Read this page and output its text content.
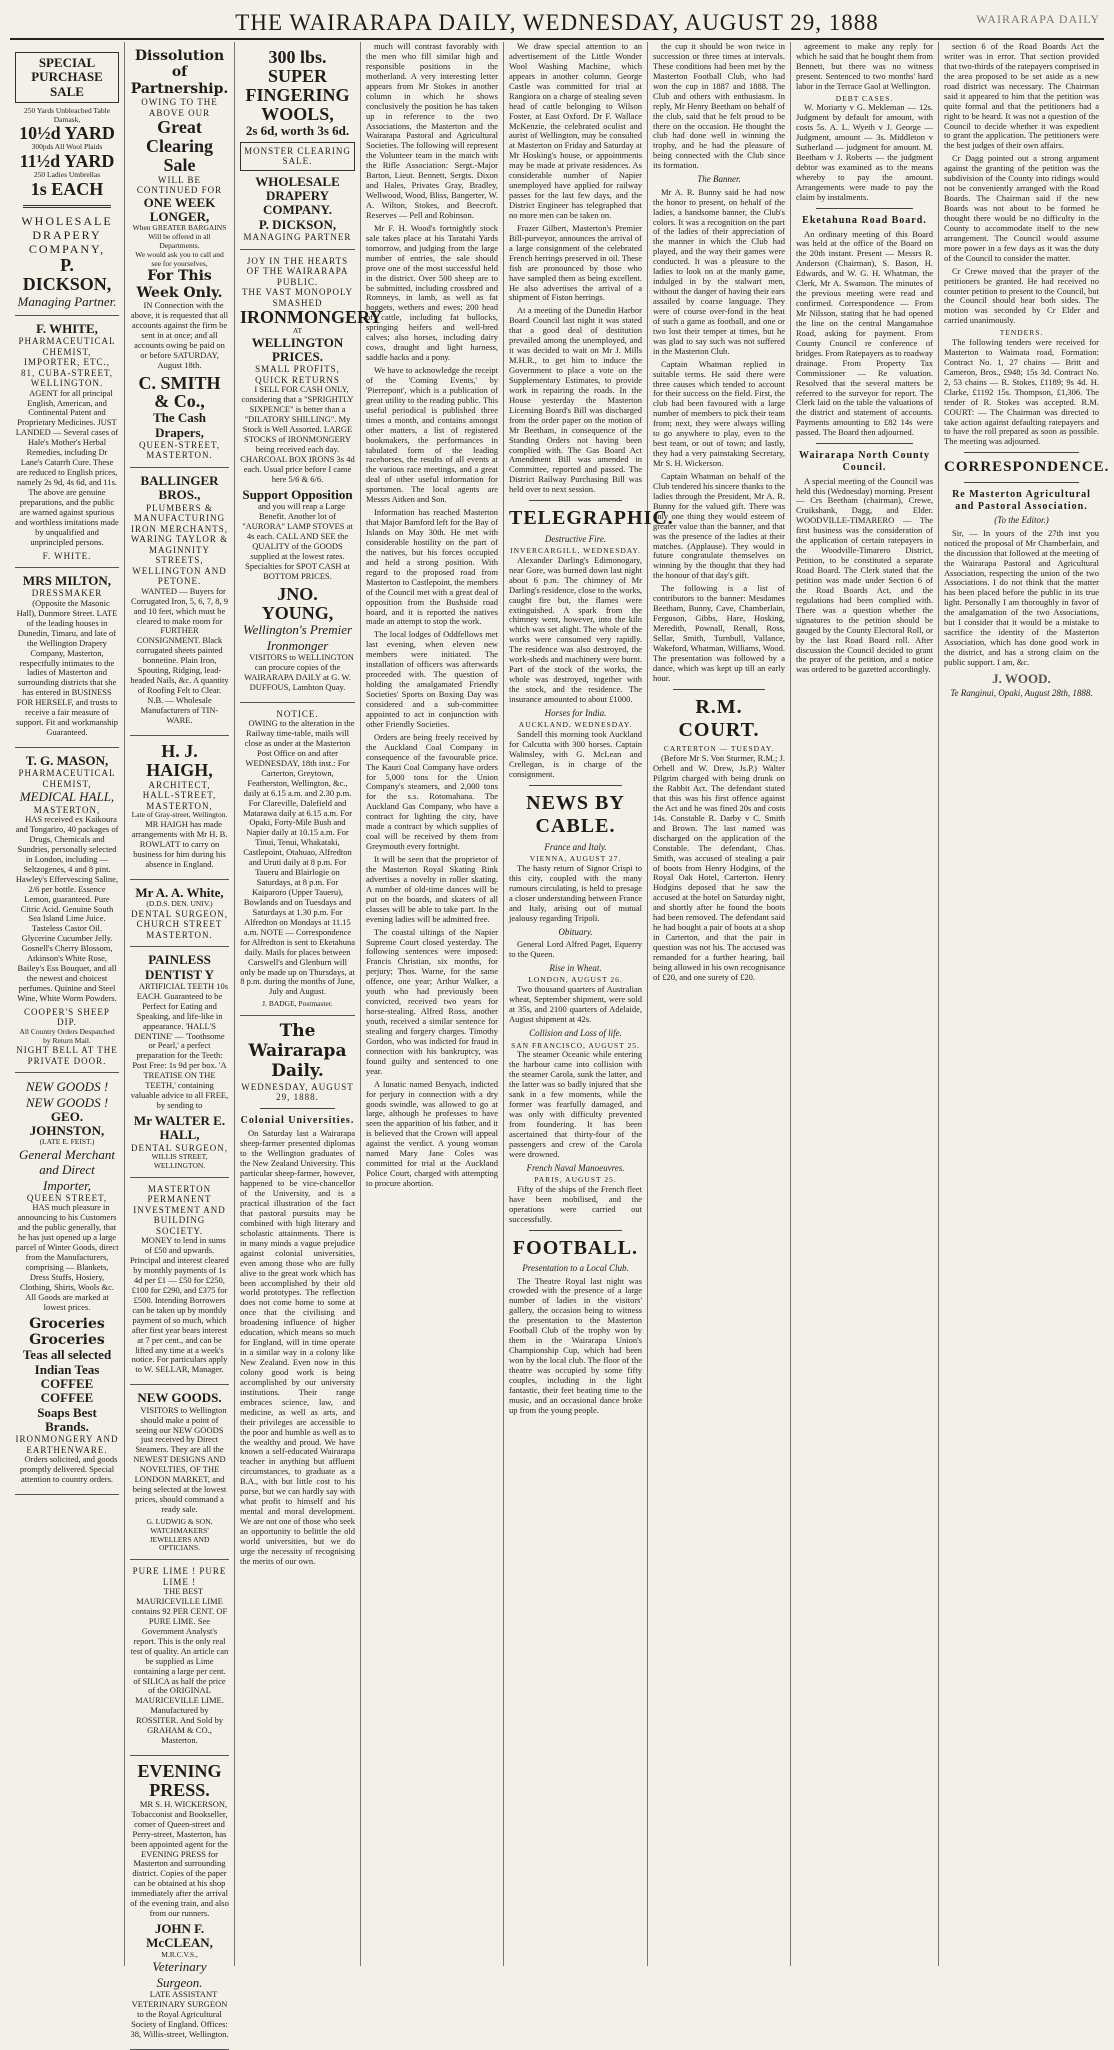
THE WAIRARAPA DAILY, WEDNESDAY, AUGUST 29, 1888	WAIRARAPA DAILY
SPECIAL PURCHASE SALE
250 Yards Unbleached Table Damask,
10½d YARD
300pds All Wool Plaids
11½d YARD
250 Ladies Umbrellas
1s EACH
WHOLESALE
DRAPERY
COMPANY,
P. DICKSON,
Managing Partner.
F. WHITE,
PHARMACEUTICAL CHEMIST, IMPORTER, ETC.,
81, CUBA-STREET, WELLINGTON.

AGENT for all principal English, American, and Continental Patent and Proprietary Medicines. JUST LANDED — Several cases of Hale's Mother's Herbal Remedies, including Dr Lane's Catarrh Cure. These are reduced to English prices, namely 2s 9d, 4s 6d, and 11s. The above are genuine preparations, and the public are warned against spurious and worthless imitations made by unqualified and unprincipled persons.

F. WHITE.
MRS MILTON,
DRESSMAKER

(Opposite the Masonic Hall), Dunmore Street. LATE of the leading houses in Dunedin, Timaru, and late of the Wellington Drapery Company, Masterton, respectfully intimates to the ladies of Masterton and surrounding districts that she has entered in BUSINESS FOR HERSELF, and trusts to receive a fair measure of support. Fit and workmanship Guaranteed.

T. G. MASON,
PHARMACEUTICAL CHEMIST,
MEDICAL HALL,
MASTERTON,

HAS received ex Kaikoura and Tongariro, 40 packages of Drugs, Chemicals and Sundries, personally selected in London, including — Seltzogenes, 4 and 8 pint. Hawley's Effervescing Saline, 2/6 per bottle. Essence Lemon, guaranteed. Pure Citric Acid. Genuine South Sea Island Lime Juice. Tasteless Castor Oil. Glycerine Cucumber Jelly. Gosnell's Cherry Blossom, Atkinson's White Rose, Bailey's Ess Bouquet, and all the newest and choicest perfumes. Quinine and Steel Wine, White Worm Powders.

COOPER'S SHEEP DIP.
All Country Orders Despatched by Return Mail.
NIGHT BELL AT THE PRIVATE DOOR.
NEW GOODS ! NEW GOODS !
GEO. JOHNSTON,
(LATE E. FEIST.)
General Merchant and Direct Importer,
QUEEN STREET,

HAS much pleasure in announcing to his Customers and the public generally, that he has just opened up a large parcel of Winter Goods, direct from the Manufacturers, comprising — Blankets, Dress Stuffs, Hosiery, Clothing, Shirts, Wools &c. All Goods are marked at lowest prices.

Groceries Groceries
Teas all selected Indian Teas
COFFEE COFFEE
Soaps Best Brands.
IRONMONGERY AND EARTHENWARE.

Orders solicited, and goods promptly delivered. Special attention to country orders.

Dissolution of Partnership.
OWING TO THE ABOVE OUR
Great Clearing Sale
WILL BE CONTINUED FOR
ONE WEEK LONGER,
When GREATER BARGAINS Will be offered in all Departments.
We would ask you to call and see for yourselves,
For This Week Only.

IN Connection with the above, it is requested that all accounts against the firm be sent in at once; and all accounts owing be paid on or before SATURDAY, August 18th.

C. SMITH & Co.,
The Cash Drapers,
QUEEN-STREET, MASTERTON.
BALLINGER BROS.,
PLUMBERS & MANUFACTURING IRON MERCHANTS,
WARING TAYLOR & MAGINNITY STREETS, WELLINGTON AND PETONE.

WANTED — Buyers for Corrugated Iron, 5, 6, 7, 8, 9 and 10 feet, which must be cleared to make room for FURTHER CONSIGNMENT. Black corrugated sheets painted bonnetine. Plain Iron, Spouting, Ridging, lead-headed Nails, &c. A quantity of Roofing Felt to Clear. N.B. — Wholesale Manufacturers of TIN-WARE.

H. J. HAIGH,
ARCHITECT,
HALL-STREET, MASTERTON,
Late of Gray-street, Wellington.

MR HAIGH has made arrangements with Mr H. B. ROWLATT to carry on business for him during his absence in England.

Mr A. A. White,
(D.D.S. DEN. UNIV.)
DENTAL SURGEON,
CHURCH STREET MASTERTON.
PAINLESS DENTIST Y

ARTIFICIAL TEETH 10s EACH. Guaranteed to be Perfect for Eating and Speaking, and life-like in appearance. 'HALL'S DENTINE' — 'Toothsome or Pearl,' a perfect preparation for the Teeth: Post Free: 1s 9d per box. 'A TREATISE ON THE TEETH,' containing valuable advice to all FREE, by sending to

Mr WALTER E. HALL,
DENTAL SURGEON,
WILLIS STREET, WELLINGTON.
MASTERTON PERMANENT INVESTMENT AND BUILDING SOCIETY.

MONEY to lend in sums of £50 and upwards. Principal and interest cleared by monthly payments of 1s 4d per £1 — £50 for £250, £100 for £290, and £375 for £500. Intending Borrowers can be taken up by monthly payment of so much, which after first year bears interest at 7 per cent., and can be lifted any time at a week's notice. For particulars apply to W. SELLAR, Manager.

NEW GOODS.

VISITORS to Wellington should make a point of seeing our NEW GOODS just received by Direct Steamers. They are all the NEWEST DESIGNS AND NOVELTIES, OF THE LONDON MARKET, and being selected at the lowest prices, should command a ready sale.

G. LUDWIG & SON, WATCHMAKERS' JEWELLERS AND OPTICIANS.
PURE LIME ! PURE LIME !

THE BEST MAURICEVILLE LIME contains 92 PER CENT. OF PURE LIME. See Government Analyst's report. This is the only real test of quality. An article can be supplied as Lime containing a large per cent. of SILICA as half the price of the ORIGINAL MAURICEVILLE LIME. Manufactured by ROSSITER. And Sold by GRAHAM & CO., Masterton.

EVENING PRESS.

MR S. H. WICKERSON, Tobacconist and Bookseller, corner of Queen-street and Perry-street, Masterton, has been appointed agent for the EVENING PRESS for Masterton and surrounding district. Copies of the paper can be obtained at his shop immediately after the arrival of the evening train, and also from our runners.

JOHN F. McCLEAN,
M.R.C.V.S.,
Veterinary Surgeon.

LATE ASSISTANT VETERINARY SURGEON to the Royal Agricultural Society of England. Offices: 38, Willis-street, Wellington.

300 lbs.
SUPER FINGERING WOOLS,
2s 6d, worth 3s 6d.
MONSTER CLEARING SALE.
WHOLESALE
DRAPERY COMPANY.
P. DICKSON,
MANAGING PARTNER
JOY IN THE HEARTS OF THE WAIRARAPA PUBLIC.
THE VAST MONOPOLY SMASHED
IRONMONGERY
AT
WELLINGTON PRICES.
SMALL PROFITS, QUICK RETURNS

I SELL FOR CASH ONLY, considering that a "SPRIGHTLY SIXPENCE" is better than a "DILATORY SHILLING". My Stock is Well Assorted. LARGE STOCKS of IRONMONGERY being received each day. CHARCOAL BOX IRONS 3s 4d each. Usual price before I came here 5/6 & 6/6.

Support Opposition

and you will reap a Large Benefit. Another lot of "AURORA" LAMP STOVES at 4s each. CALL AND SEE the QUALITY of the GOODS supplied at the lowest rates. Specialties for SPOT CASH at BOTTOM PRICES.

JNO. YOUNG,
Wellington's Premier Ironmonger

VISITORS to WELLINGTON can procure copies of the WAIRARAPA DAILY at G. W. DUFFOUS, Lambton Quay.

NOTICE.

OWING to the alteration in the Railway time-table, mails will close as under at the Masterton Post Office on and after WEDNESDAY, 18th inst.: For Carterton, Greytown, Featherston, Wellington, &c., daily at 6.15 a.m. and 2.30 p.m. For Clareville, Dalefield and Matarawa daily at 6.15 a.m. For Opaki, Forty-Mile Bush and Napier daily at 10.15 a.m. For Tinui, Tenui, Whakataki, Castlepoint, Otahuao, Alfredton and Uruti daily at 8 p.m. For Taueru and Blairlogie on Saturdays, at 8 p.m. For Kaiparoro (Upper Taueru), Bowlands and on Tuesdays and Saturdays at 1.30 p.m. For Alfredton on Mondays at 11.15 a.m. NOTE — Correspondence for Alfredton is sent to Eketahuna daily. Mails for places between Carswell's and Glenburn will only be made up on Thursdays, at 8 p.m. during the months of June, July and August.

J. BADGE, Postmaster.
The Wairarapa Daily.
WEDNESDAY, AUGUST 29, 1888.
Colonial Universities.

On Saturday last a Wairarapa sheep-farmer presented diplomas to the Wellington graduates of the New Zealand University. This particular sheep-farmer, however, happened to be vice-chancellor of the University, and is a practical illustration of the fact that pastoral pursuits may be combined with high literary and scholastic attainments. There is in many minds a vague prejudice against colonial universities, even among those who are fully alive to the great work which has been accomplished by their old world prototypes. The reflection does not come home to some at once that the civilising and broadening influence of higher education, which means so much for England, will in time operate in a similar way in a colony like New Zealand. Even now in this colony good work is being accomplished by our university institutions. Their range embraces science, law, and medicine, as well as arts, and their privileges are accessible to the poor and humble as well as to the wealthy and proud. We have known a self-educated Wairarapa teacher in anything but affluent circumstances, to graduate as a B.A., with but little cost to his purse, but we can hardly say with what profit to himself and his mental and moral development. We are not one of those who seek an opportunity to belittle the old world universities, but we do urge the necessity of recognising the merits of our own.

much will contrast favorably with the men who fill similar high and responsible positions in the motherland. A very interesting letter appears from Mr Stokes in another column in which he shows conclusively the position he has taken up in reference to the two Associations, the Masterton and the Wairarapa Pastoral and Agricultural Societies. The following will represent the Volunteer team in the match with the Rifle Association: Sergt.-Major Barton, Lieut. Bennett, Sergts. Dixon and Hales, Privates Gray, Bradley, Wellwood, Wood, Bliss, Bangerter, W. A. Wilton, Stokes, and Beecroft. Reserves — Pell and Robinson.

Mr F. H. Wood's fortnightly stock sale takes place at his Taratahi Yards tomorrow, and judging from the large number of entries, the sale should prove one of the most successful held in the district. Over 500 sheep are to be submitted, including crossbred and Romneys, in lamb, as well as fat hoggets, wethers and ewes; 200 head of cattle, including fat bullocks, springing heifers and well-bred calves; also horses, including dairy cows, draught and light harness, saddle hacks and a pony.

We have to acknowledge the receipt of the 'Coming Events,' by 'Pierrepont', which is a publication of great utility to the reading public. This useful periodical is published three times a month, and contains amongst other matters, a list of registered bookmakers, the performances in tabulated form of the leading racehorses, the results of all events at the various race meetings, and a great deal of other useful information for sportsmen. The local agents are Messrs Aitken and Son.

Information has reached Masterton that Major Bamford left for the Bay of Islands on May 30th. He met with considerable hostility on the part of the natives, but his forces occupied and held a strong position. With regard to the proposed road from Masterton to Castlepoint, the members of the Council met with a great deal of opposition from the Bushside road board, and it is reported the natives made an attempt to stop the work.

The local lodges of Oddfellows met last evening, when eleven new members were initiated. The installation of officers was afterwards proceeded with. The question of holding the amalgamated Friendly Societies' Sports on Boxing Day was considered and a sub-committee appointed to act in conjunction with other Friendly Societies.

Orders are being freely received by the Auckland Coal Company in consequence of the favourable price. The Kauri Coal Company have orders for 5,000 tons for the Union Company's steamers, and 2,000 tons for the s.s. Rotomahana. The Auckland Gas Company, who have a contract for lighting the city, have made a contract by which supplies of coal will be received by them from Greymouth every fortnight.

It will be seen that the proprietor of the Masterton Royal Skating Rink advertises a novelty in roller skating. A number of old-time dances will be put on the boards, and skaters of all classes will be able to take part. In the evening ladies will be admitted free.

The coastal siltings of the Napier Supreme Court closed yesterday. The following sentences were imposed: Francis Christian, six months, for perjury; Thos. Warne, for the same offence, one year; Arthur Walker, a youth who had previously been convicted, received two years for horse-stealing. Alfred Ross, another youth, received a similar sentence for stealing and forgery charges. Timothy Gordon, who was indicted for fraud in connection with his bankruptcy, was found guilty and sentenced to one year.

A lunatic named Benyach, indicted for perjury in connection with a dry goods swindle, was allowed to go at large, although he professes to have seen the apparition of his father, and it is believed that the Crown will appeal against the verdict. A young woman named Mary Jane Coles was committed for trial at the Auckland Police Court, charged with attempting to procure abortion.

We draw special attention to an advertisement of the Little Wonder Wool Washing Machine, which appears in another column. George Castle was committed for trial at Rangiora on a charge of stealing seven head of cattle belonging to Wilson Foster, at East Oxford. Dr F. Wallace McKenzie, the celebrated oculist and aurist of Wellington, may be consulted at Masterton on Friday and Saturday at Mr Hosking's house, or appointments may be made at private residences. As considerable number of Napier unemployed have applied for railway passes for the last few days, and the District Engineer has telegraphed that no more men can be taken on.

Frazer Gilbert, Masterton's Premier Bill-purveyor, announces the arrival of a large consignment of the celebrated French herrings preserved in oil. These fish are pronounced by those who have sampled them as being excellent. He also advertises the arrival of a shipment of Fiston herrings.

At a meeting of the Dunedin Harbor Board Council last night it was stated that a good deal of destitution prevailed among the unemployed, and it was decided to wait on Mr J. Mills M.H.R., to get him to induce the Government to place a vote on the Supplementary Estimates, to provide work in repairing the roads. In the House yesterday the Masterton Licensing Board's Bill was discharged from the order paper on the motion of Mr Beetham, in consequence of the Standing Orders not having been complied with. The Gas Board Act Amendment Bill was amended in Committee, reported and passed. The District Railway Purchasing Bill was held over to next session.

TELEGRAPHIC.
Destructive Fire.
INVERCARGILL, WEDNESDAY.

Alexander Darling's Edimonogary, near Gore, was burned down last night about 6 p.m. The chimney of Mr Darling's residence, close to the works, caught fire but, the flames were extinguished. A spark from the chimney went, however, into the kiln which was set alight. The whole of the works were consumed very rapidly. The residence was also destroyed, the work-sheds and machinery were burnt. Part of the stock of the works, the whole was destroyed, together with the stock, and the residence. The insurance amounted to about £1000.

Horses for India.
AUCKLAND, WEDNESDAY.

Sandell this morning took Auckland for Calcutta with 300 horses. Captain Walmsley, with G. McLean and Crellegan, is in charge of the consignment.

NEWS BY CABLE.
France and Italy.
VIENNA, AUGUST 27.

The hasty return of Signor Crispi to this city, coupled with the many rumours circulating, is held to presage a closer understanding between France and Italy, arising out of mutual jealousy regarding Tripoli.

Obituary.

General Lord Alfred Paget, Equerry to the Queen.

Rise in Wheat.
LONDON, AUGUST 26.

Two thousand quarters of Australian wheat, September shipment, were sold at 35s, and 2100 quarters of Adelaide, August shipment at 42s.

Collision and Loss of life.
SAN FRANCISCO, AUGUST 25.

The steamer Oceanic while entering the harbour came into collision with the steamer Carola, sunk the latter, and the latter was so badly injured that she sank in a few moments, while the former was fearfully damaged, and was only with difficulty prevented from foundering. It has been ascertained that thirty-four of the passengers and crew of the Carola were drowned.

French Naval Manoeuvres.
PARIS, AUGUST 25.

Fifty of the ships of the French fleet have been mobilised, and the operations were carried out successfully.

FOOTBALL.
Presentation to a Local Club.

The Theatre Royal last night was crowded with the presence of a large number of ladies in the visitors' gallery, the occasion being to witness the presentation to the Masterton Football Club of the trophy won by them in the Wairarapa Union's Championship Cup, which had been won by the local club. The floor of the theatre was occupied by some fifty couples, including in the light fantastic, their feet beating time to the music, and an occasional dance broke up from the young people.

the cup it should be won twice in succession or three times at intervals. These conditions had been met by the Masterton Football Club, who had won the cup in 1887 and 1888. The Club and others with enthusiasm. In reply, Mr Henry Beetham on behalf of the club, said that he felt proud to be there on the occasion. He thought the club had done well in winning the trophy, and he had the pleasure of being connected with the Club since its formation.

The Banner.

Mr A. R. Bunny said he had now the honor to present, on behalf of the ladies, a handsome banner, the Club's colors. It was a recognition on the part of the ladies of their appreciation of the manner in which the Club had played, and the way their games were conducted. It was a pleasure to the ladies to look on at the manly game, indulged in by the stalwart men, without the danger of having their ears assailed by coarse language. They were of course over-fond in the heat of such a game as football, and one or two lost their temper at times, but he was glad to say such was not suffered in the Masterton Club.

Captain Whatman replied in suitable terms. He said there were three causes which tended to account for their success on the field. First, the club had been favoured with a large number of members to pick their team from; next, they were always willing to go anywhere to play, even to the best team, or out of town; and lastly, they had a very painstaking Secretary, Mr S. H. Wickerson.

Captain Whatman on behalf of the Club tendered his sincere thanks to the ladies through the President, Mr A. R. Bunny for the valued gift. There was only one thing they would esteem of greater value than the banner, and that was the presence of the ladies at their matches. (Applause). They would in future congratulate themselves on winning by the thought that they had the honour of that day's gift.

The following is a list of contributors to the banner: Mesdames Beetham, Bunny, Cave, Chamberlain, Ferguson, Gibbs, Hare, Hosking, Meredith, Pownall, Renall, Ross, Sellar, Smith, Turnbull, Vallance, Wakeford, Whatman, Williams, Wood. The presentation was followed by a dance, which was kept up till an early hour.

R.M. COURT.
CARTERTON — TUESDAY.

(Before Mr S. Von Sturmer, R.M.; J. Orbell and W. Drew, Js.P.) Walter Pilgrim charged with being drunk on the Rabbit Act. The defendant stated that this was his first offence against the Act and he was fined 20s and costs 14s. Constable R. Darby v C. Smith and Brown. The last named was discharged on the application of the Constable. The defendant, Chas. Smith, was accused of stealing a pair of boots from Henry Hodgins, of the Royal Oak Hotel, Carterton. Henry Hodgins deposed that he saw the accused at the hotel on Saturday night, and shortly after he found the boots had been removed. The defendant said he had bought a pair of boots at a shop in Carterton, and that the pair in question was not his. The accused was remanded for a further hearing, bail being allowed in his own recognisance of £20, and one surety of £20.

agreement to make any reply for which he said that he bought them from Bennett, but there was no witness present. Sentenced to two months' hard labor in the Terrace Gaol at Wellington.

DEBT CASES.

W. Moriarty v G. Mekleman — 12s. Judgment by default for amount, with costs 5s. A. L. Wyeth v J. George — Judgment, amount — 3s. Middleton v Sutherland — judgment for amount. M. Beetham v J. Roberts — the judgment debtor was examined as to the means whereby to pay the amount. Arrangements were made to pay the claim by instalments.

Eketahuna Road Board.

An ordinary meeting of this Board was held at the office of the Board on the 20th instant. Present — Messrs R. Anderson (Chairman), S. Bason, H. Edwards, and W. G. H. Whatman, the Clerk, Mr A. Swanson. The minutes of the previous meeting were read and confirmed. Correspondence — From Mr Nilsson, stating that he had opened the line on the central Mangamahoe Road, asking for payment. From County Council re conference of bridges. From Ratepayers as to roadway drainage. From Property Tax Commissioner — Re valuation. Resolved that the several matters be referred to the surveyor for report. The Clerk laid on the table the valuations of the district and statement of accounts. Payments amounting to £82 14s were passed. The Board then adjourned.

Wairarapa North County Council.

A special meeting of the Council was held this (Wednesday) morning. Present — Crs Beetham (chairman), Crewe, Cruikshank, Dagg, and Elder. WOODVILLE-TIMARERO — The first business was the consideration of the application of certain ratepayers in the Woodville-Timarero District, Petition, to be constituted a separate Road Board. The Clerk stated that the petition was made under Section 6 of the Road Boards Act, and the regulations had been complied with. There was a question whether the signatures to the petition should be gauged by the County Electoral Roll, or by the last Road Board roll. After discussion the Council decided to grant the prayer of the petition, and a notice was ordered to be gazetted accordingly.

section 6 of the Road Boards Act the writer was in error. That section provided that two-thirds of the ratepayers comprised in the area proposed to be set aside as a new road district was necessary. The Chairman said it appeared to him that the petition was quite formal and that the petitioners had a right to be heard. It was not a question of the Council to decide whether it was expedient to grant the application. The petitioners were the best judges of their own affairs.

Cr Dagg pointed out a strong argument against the granting of the petition was the subdivision of the County into ridings would not be conveniently arranged with the Road Boards. The Chairman said if the new Boards was not about to be formed he thought there would be no difficulty in the County to accommodate itself to the new arrangement. The Council would assume more power in a few days as it was the duty of the Council to consider the matter.

Cr Crewe moved that the prayer of the petitioners be granted. He had received no counter petition to present to the Council, but the Council should hear both sides. The motion was seconded by Cr Elder and carried unanimously.

TENDERS.

The following tenders were received for Masterton to Waimata road, Formation: Contract No. 1, 27 chains — Britt and Cameron, Bros., £948; 15s 3d. Contract No. 2, 53 chains — R. Stokes, £1189; 9s 4d. H. Clarke, £1192 15s. Thompson, £1,306. The tender of R. Stokes was accepted. R.M. COURT: — The Chairman was directed to take action against defaulting ratepayers and to have the roll prepared as soon as possible. The meeting was adjourned.

CORRESPONDENCE.
Re Masterton Agricultural and Pastoral Association.
(To the Editor.)

Sir, — In yours of the 27th inst you noticed the proposal of Mr Chamberlain, and the discussion that followed at the meeting of the Wairarapa Pastoral and Agricultural Association, respecting the union of the two Associations. I do not think that the matter has been placed before the public in its true light. Personally I am thoroughly in favor of the amalgamation of the two Associations, but I consider that it would be a mistake to sacrifice the identity of the Masterton Association, which has done good work in the district, and has a strong claim on the public support. I am, &c.

J. WOOD.
Te Ranginui, Opaki, August 28th, 1888.
